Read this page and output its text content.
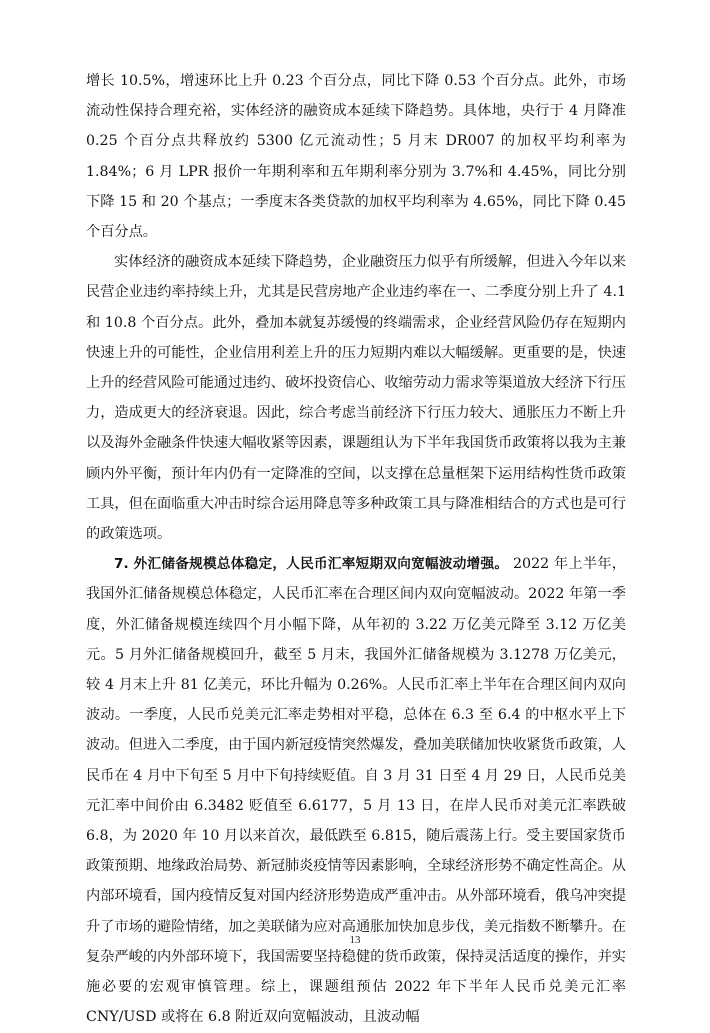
增长 10.5%，增速环比上升 0.23 个百分点，同比下降 0.53 个百分点。此外，市场流动性保持合理充裕，实体经济的融资成本延续下降趋势。具体地，央行于 4 月降准 0.25 个百分点共释放约 5300 亿元流动性；5 月末 DR007 的加权平均利率为 1.84%；6 月 LPR 报价一年期利率和五年期利率分别为 3.7%和 4.45%，同比分别下降 15 和 20 个基点；一季度末各类贷款的加权平均利率为 4.65%，同比下降 0.45 个百分点。

实体经济的融资成本延续下降趋势，企业融资压力似乎有所缓解，但进入今年以来民营企业违约率持续上升，尤其是民营房地产企业违约率在一、二季度分别上升了 4.1 和 10.8 个百分点。此外，叠加本就复苏缓慢的终端需求，企业经营风险仍存在短期内快速上升的可能性，企业信用利差上升的压力短期内难以大幅缓解。更重要的是，快速上升的经营风险可能通过违约、破坏投资信心、收缩劳动力需求等渠道放大经济下行压力，造成更大的经济衰退。因此，综合考虑当前经济下行压力较大、通胀压力不断上升以及海外金融条件快速大幅收紧等因素，课题组认为下半年我国货币政策将以我为主兼顾内外平衡，预计年内仍有一定降准的空间，以支撑在总量框架下运用结构性货币政策工具，但在面临重大冲击时综合运用降息等多种政策工具与降准相结合的方式也是可行的政策选项。

7. 外汇储备规模总体稳定，人民币汇率短期双向宽幅波动增强。 2022 年上半年，我国外汇储备规模总体稳定，人民币汇率在合理区间内双向宽幅波动。2022 年第一季度，外汇储备规模连续四个月小幅下降，从年初的 3.22 万亿美元降至 3.12 万亿美元。5 月外汇储备规模回升，截至 5 月末，我国外汇储备规模为 3.1278 万亿美元，较 4 月末上升 81 亿美元，环比升幅为 0.26%。人民币汇率上半年在合理区间内双向波动。一季度，人民币兑美元汇率走势相对平稳，总体在 6.3 至 6.4 的中枢水平上下波动。但进入二季度，由于国内新冠疫情突然爆发，叠加美联储加快收紧货币政策，人民币在 4 月中下旬至 5 月中下旬持续贬值。自 3 月 31 日至 4 月 29 日，人民币兑美元汇率中间价由 6.3482 贬值至 6.6177，5 月 13 日，在岸人民币对美元汇率跌破 6.8，为 2020 年 10 月以来首次，最低跌至 6.815，随后震荡上行。受主要国家货币政策预期、地缘政治局势、新冠肺炎疫情等因素影响，全球经济形势不确定性高企。从内部环境看，国内疫情反复对国内经济形势造成严重冲击。从外部环境看，俄乌冲突提升了市场的避险情绪，加之美联储为应对高通胀加快加息步伐，美元指数不断攀升。在复杂严峻的内外部环境下，我国需要坚持稳健的货币政策，保持灵活适度的操作，并实施必要的宏观审慎管理。综上，课题组预估 2022 年下半年人民币兑美元汇率 CNY/USD 或将在 6.8 附近双向宽幅波动，且波动幅

13
